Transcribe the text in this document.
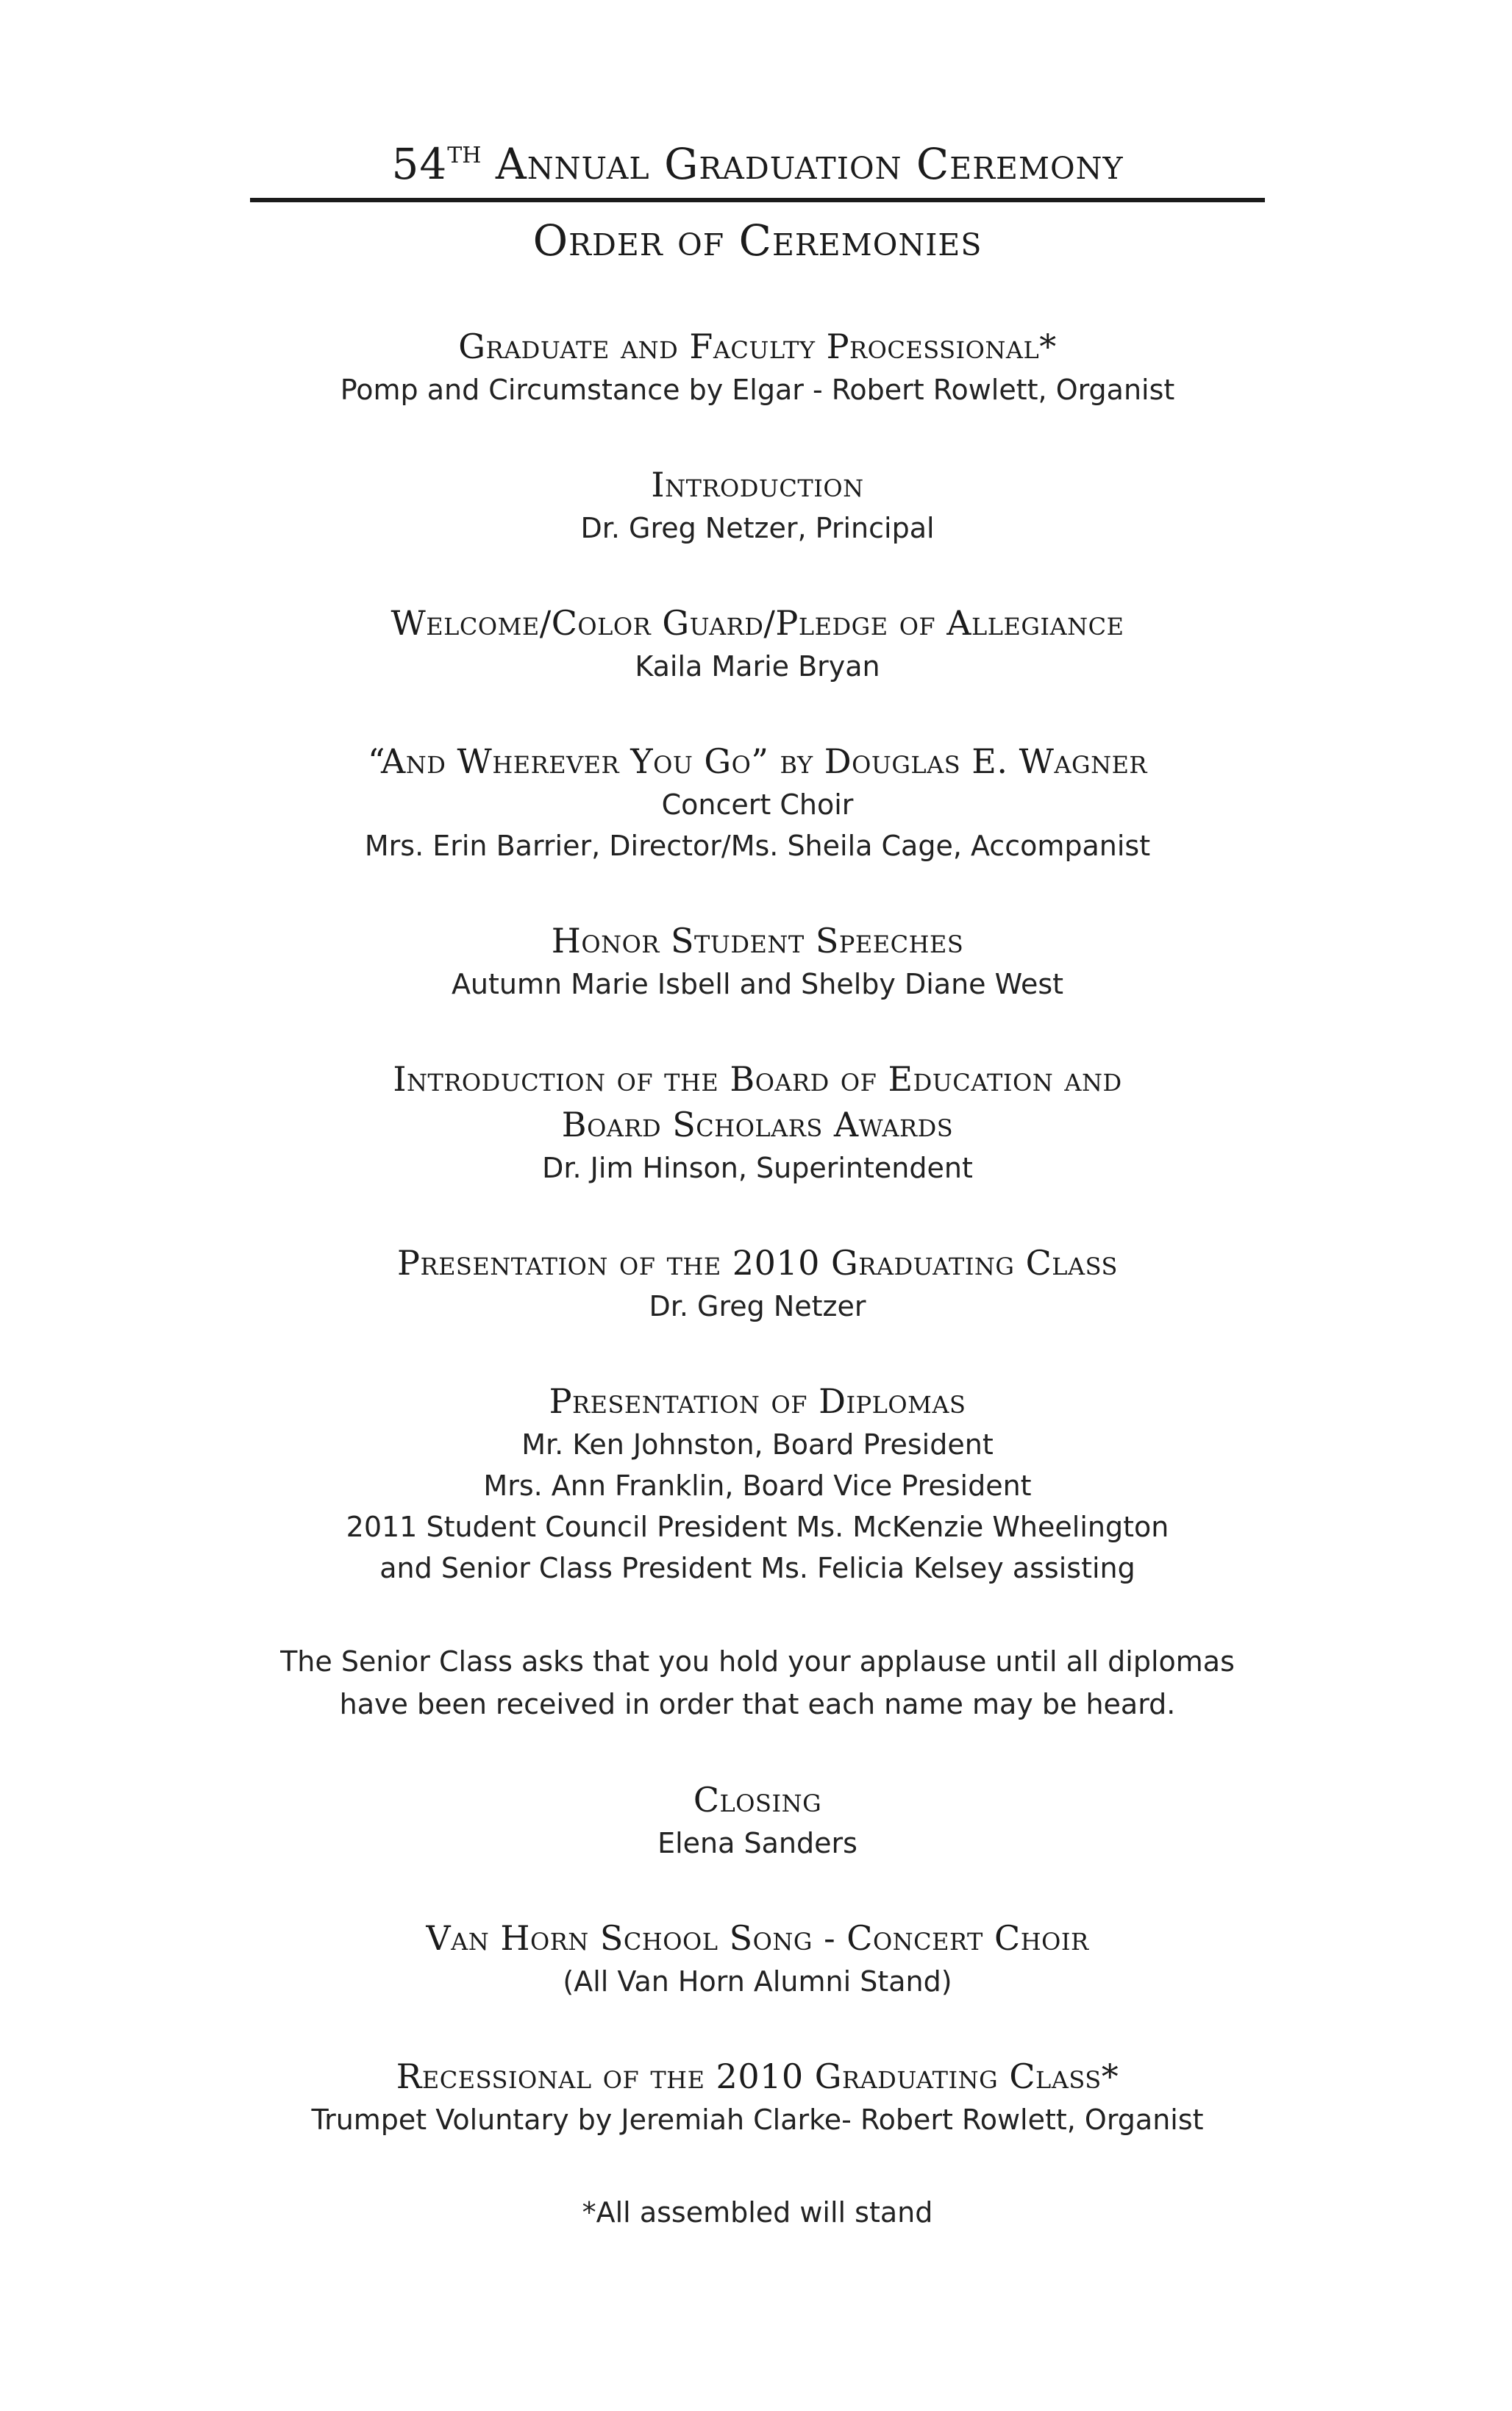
54TH Annual Graduation Ceremony
Order of Ceremonies
Graduate and Faculty Processional*
Pomp and Circumstance by Elgar - Robert Rowlett, Organist
Introduction
Dr. Greg Netzer, Principal
Welcome/Color Guard/Pledge of Allegiance
Kaila Marie Bryan
“And Wherever You Go” by Douglas E. Wagner
Concert Choir
Mrs. Erin Barrier, Director/Ms. Sheila Cage, Accompanist
Honor Student Speeches
Autumn Marie Isbell and Shelby Diane West
Introduction of the Board of Education and
Board Scholars Awards
Dr. Jim Hinson, Superintendent
Presentation of the 2010 Graduating Class
Dr. Greg Netzer
Presentation of Diplomas
Mr. Ken Johnston, Board President
Mrs. Ann Franklin, Board Vice President
2011 Student Council President Ms. McKenzie Wheelington
and Senior Class President Ms. Felicia Kelsey assisting
The Senior Class asks that you hold your applause until all diplomas
have been received in order that each name may be heard.
Closing
Elena Sanders
Van Horn School Song - Concert Choir
(All Van Horn Alumni Stand)
Recessional of the 2010 Graduating Class*
Trumpet Voluntary by Jeremiah Clarke- Robert Rowlett, Organist
*All assembled will stand
